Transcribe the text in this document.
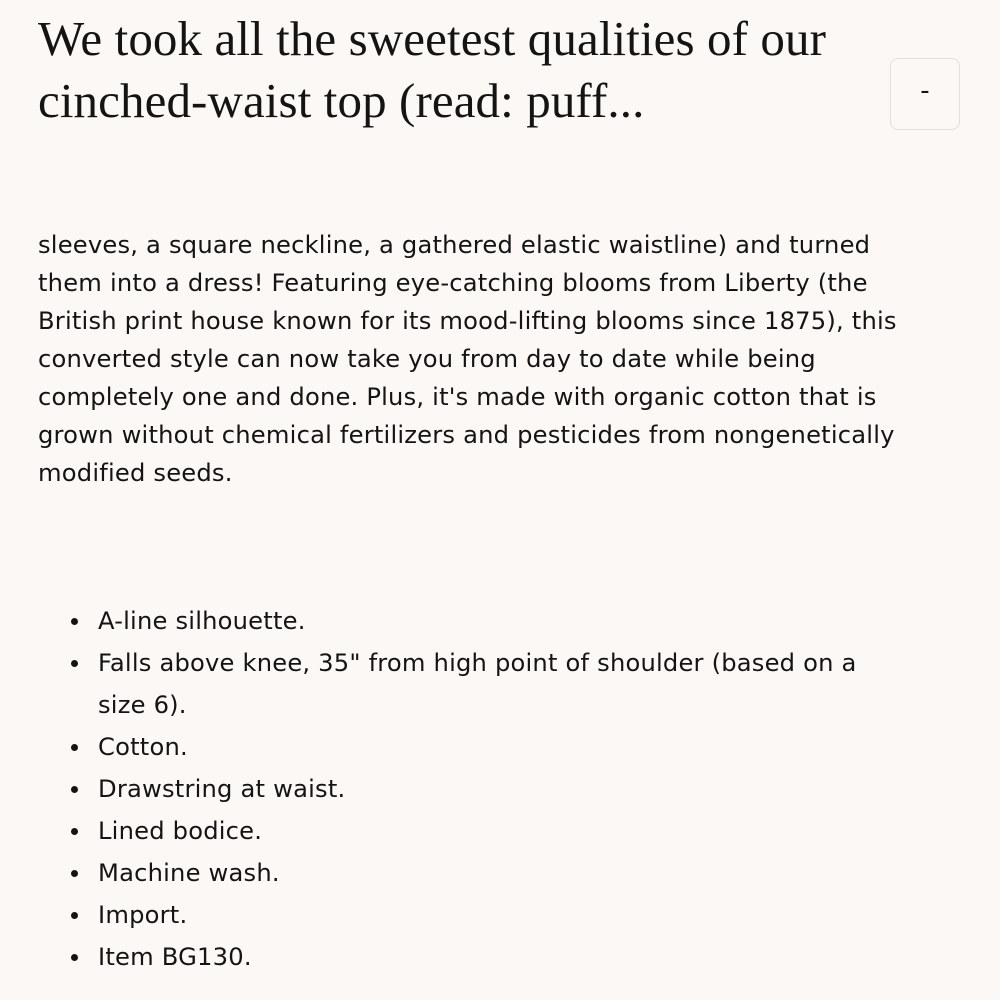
We took all the sweetest qualities of our cinched-waist top (read: puff...	-

sleeves, a square neckline, a gathered elastic waistline) and turned them into a dress! Featuring eye-catching blooms from Liberty (the British print house known for its mood-lifting blooms since 1875), this converted style can now take you from day to date while being completely one and done. Plus, it's made with organic cotton that is grown without chemical fertilizers and pesticides from nongenetically modified seeds.

A-line silhouette.
Falls above knee, 35" from high point of shoulder (based on a size 6).
Cotton.
Drawstring at waist.
Lined bodice.
Machine wash.
Import.
Item BG130.
